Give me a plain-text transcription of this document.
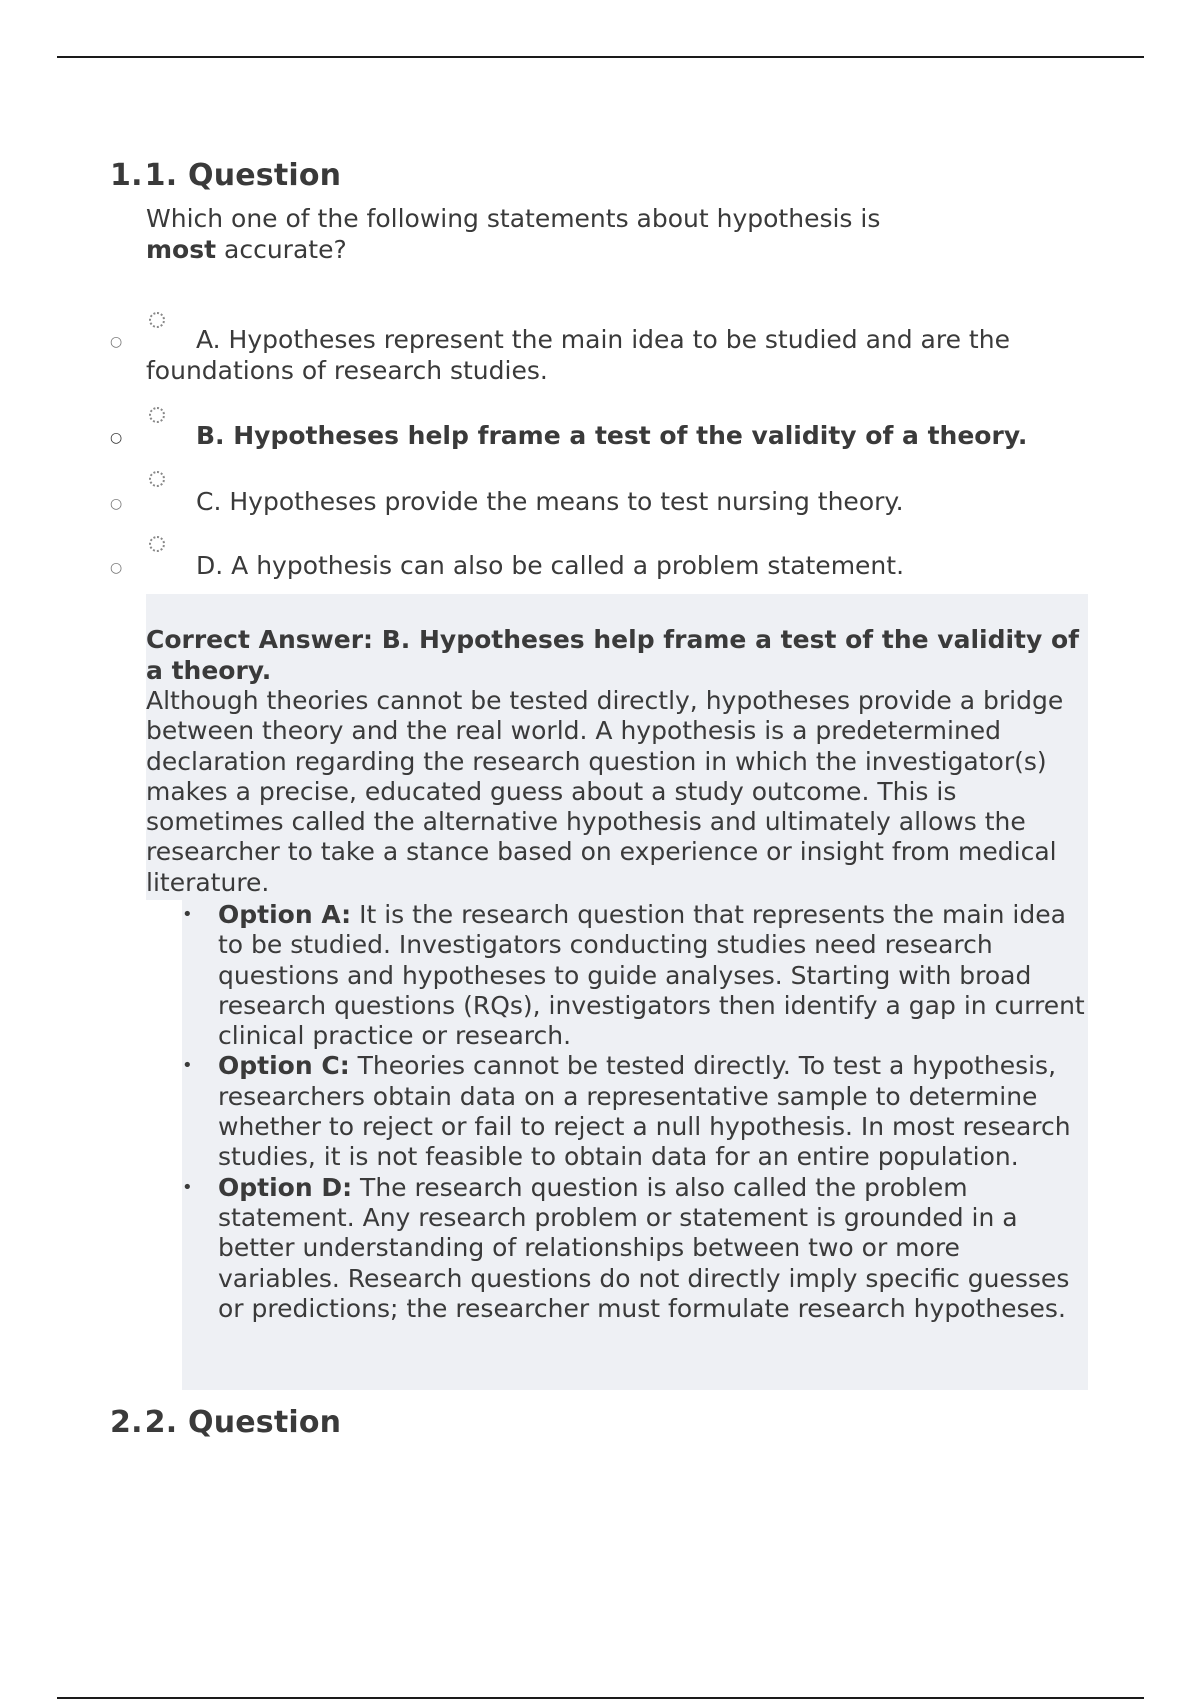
1.1. Question
Which one of the following statements about hypothesis is most accurate?
○	A. Hypotheses represent the main idea to be studied and are the
foundations of research studies.
○	B. Hypotheses help frame a test of the validity of a theory.
○	C. Hypotheses provide the means to test nursing theory.
○	D. A hypothesis can also be called a problem statement.
Correct Answer: B. Hypotheses help frame a test of the validity of a theory.
Although theories cannot be tested directly, hypotheses provide a bridge between theory and the real world. A hypothesis is a predetermined declaration regarding the research question in which the investigator(s) makes a precise, educated guess about a study outcome. This is sometimes called the alternative hypothesis and ultimately allows the researcher to take a stance based on experience or insight from medical literature.
• Option A: It is the research question that represents the main idea to be studied. Investigators conducting studies need research questions and hypotheses to guide analyses. Starting with broad research questions (RQs), investigators then identify a gap in current clinical practice or research.
• Option C: Theories cannot be tested directly. To test a hypothesis, researchers obtain data on a representative sample to determine whether to reject or fail to reject a null hypothesis. In most research studies, it is not feasible to obtain data for an entire population.
• Option D: The research question is also called the problem statement. Any research problem or statement is grounded in a better understanding of relationships between two or more variables. Research questions do not directly imply specific guesses or predictions; the researcher must formulate research hypotheses.
2.2. Question
